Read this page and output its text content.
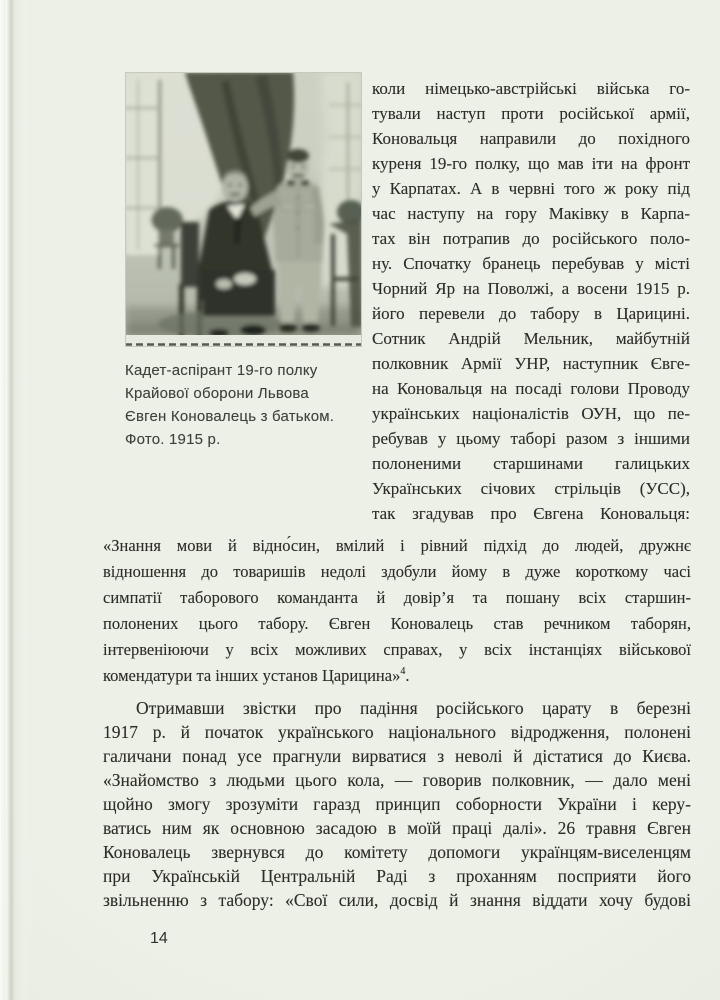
Кадет-аспірант 19-го полку
Крайової оборони Львова
Євген Коновалець з батьком.
Фото. 1915 р.
коли німецько-австрійські війська го-
тували наступ проти російської армії,
Коновальця направили до похідного
куреня 19-го полку, що мав іти на фронт
у Карпатах. А в червні того ж року під
час наступу на гору Маківку в Карпа-
тах він потрапив до російського поло-
ну. Спочатку бранець перебував у місті
Чорний Яр на Поволжі, а восени 1915 р.
його перевели до табору в Царицині.
Сотник Андрій Мельник, майбутній
полковник Армії УНР, наступник Євге-
на Коновальця на посаді голови Проводу
українських націоналістів ОУН, що пе-
ребував у цьому таборі разом з іншими
полоненими старшинами галицьких
Українських січових стрільців (УСС),
так згадував про Євгена Коновальця:
«Знання мови й відно́син, вмілий і рівний підхід до людей, дружнє
відношення до товаришів недолі здобули йому в дуже короткому часі
симпатії таборового команданта й довір’я та пошану всіх старшин-
полонених цього табору. Євген Коновалець став речником таборян,
інтервеніюючи у всіх можливих справах, у всіх інстанціях військової
комендатури та інших установ Царицина»$^4$.
Отримавши звістки про падіння російського царату в березні
1917 р. й початок українського національного відродження, полонені
галичани понад усе прагнули вирватися з неволі й дістатися до Києва.
«Знайомство з людьми цього кола, — говорив полковник, — дало мені
щойно змогу зрозуміти гаразд принцип соборности України і керу-
ватись ним як основною засадою в моїй праці далі». 26 травня Євген
Коновалець звернувся до комітету допомоги українцям-виселенцям
при Українській Центральній Раді з проханням посприяти його
звільненню з табору: «Свої сили, досвід й знання віддати хочу будові
14
